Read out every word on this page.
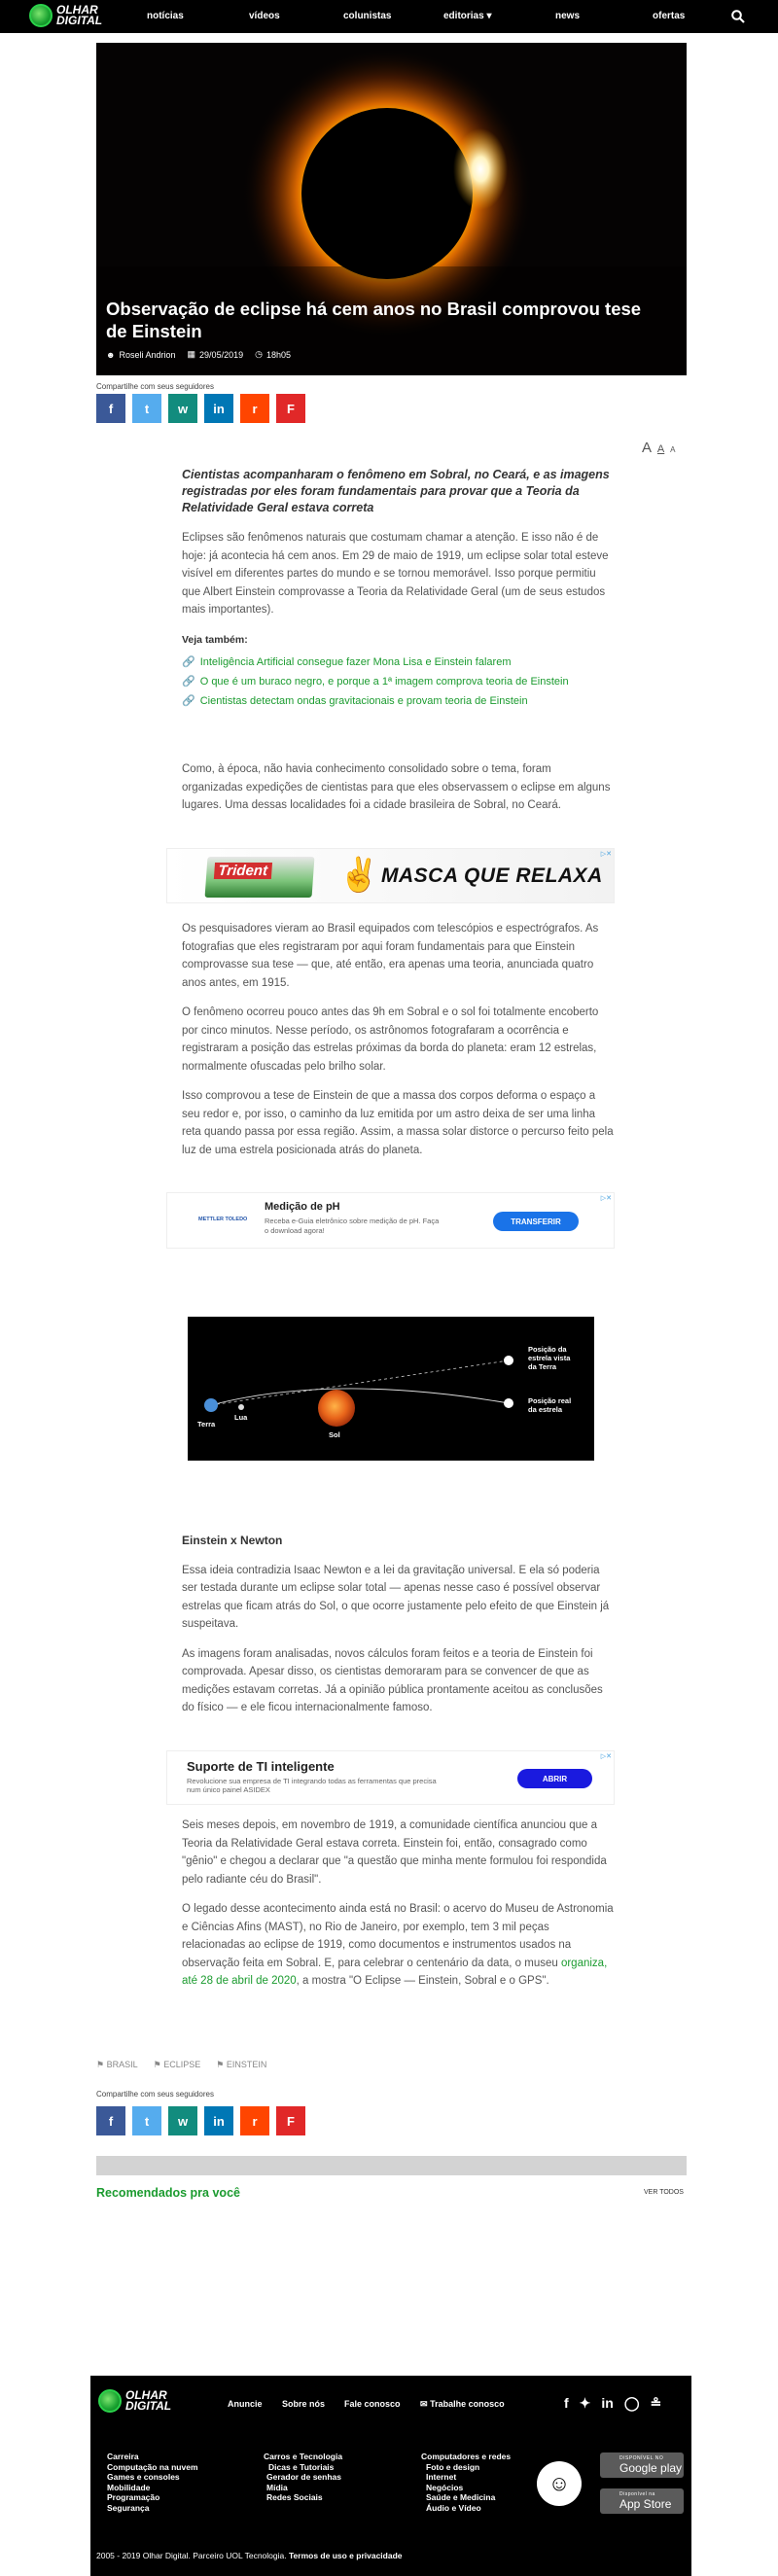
OLHAR
DIGITAL	notícias	vídeos	colunistas	editorias ▾	news	ofertas
Observação de eclipse há cem anos no Brasil comprovou tese de Einstein
☻ Roseli Andrion ▦ 29/05/2019 ◷ 18h05
Compartilhe com seus seguidores
f	t	w	in	r	F
A A A

Cientistas acompanharam o fenômeno em Sobral, no Ceará, e as imagens registradas por eles foram fundamentais para provar que a Teoria da Relatividade Geral estava correta

Eclipses são fenômenos naturais que costumam chamar a atenção. E isso não é de hoje: já acontecia há cem anos. Em 29 de maio de 1919, um eclipse solar total esteve visível em diferentes partes do mundo e se tornou memorável. Isso porque permitiu que Albert Einstein comprovasse a Teoria da Relatividade Geral (um de seus estudos mais importantes).

Veja também:

🔗 Inteligência Artificial consegue fazer Mona Lisa e Einstein falarem
🔗 O que é um buraco negro, e porque a 1ª imagem comprova teoria de Einstein
🔗 Cientistas detectam ondas gravitacionais e provam teoria de Einstein

Como, à época, não havia conhecimento consolidado sobre o tema, foram organizadas expedições de cientistas para que eles observassem o eclipse em alguns lugares. Uma dessas localidades foi a cidade brasileira de Sobral, no Ceará.

Trident ✌ MASCA QUE RELAXA
▷✕

Os pesquisadores vieram ao Brasil equipados com telescópios e espectrógrafos. As fotografias que eles registraram por aqui foram fundamentais para que Einstein comprovasse sua tese — que, até então, era apenas uma teoria, anunciada quatro anos antes, em 1915.

O fenômeno ocorreu pouco antes das 9h em Sobral e o sol foi totalmente encoberto por cinco minutos. Nesse período, os astrônomos fotografaram a ocorrência e registraram a posição das estrelas próximas da borda do planeta: eram 12 estrelas, normalmente ofuscadas pelo brilho solar.

Isso comprovou a tese de Einstein de que a massa dos corpos deforma o espaço a seu redor e, por isso, o caminho da luz emitida por um astro deixa de ser uma linha reta quando passa por essa região. Assim, a massa solar distorce o percurso feito pela luz de uma estrela posicionada atrás do planeta.

METTLER TOLEDO
Medição de pH
Receba e-Guia eletrônico sobre medição de pH. Faça o download agora!
TRANSFERIR
▷✕
Terra
Lua
Sol
Posição da
estrela vista
da Terra
Posição real
da estrela

Einstein x Newton

Essa ideia contradizia Isaac Newton e a lei da gravitação universal. E ela só poderia ser testada durante um eclipse solar total — apenas nesse caso é possível observar estrelas que ficam atrás do Sol, o que ocorre justamente pelo efeito de que Einstein já suspeitava.

As imagens foram analisadas, novos cálculos foram feitos e a teoria de Einstein foi comprovada. Apesar disso, os cientistas demoraram para se convencer de que as medições estavam corretas. Já a opinião pública prontamente aceitou as conclusões do físico — e ele ficou internacionalmente famoso.

Suporte de TI inteligente
Revolucione sua empresa de TI integrando todas as ferramentas que precisa num único painel ASIDEX
ABRIR
▷✕

Seis meses depois, em novembro de 1919, a comunidade científica anunciou que a Teoria da Relatividade Geral estava correta. Einstein foi, então, consagrado como "gênio" e chegou a declarar que "a questão que minha mente formulou foi respondida pelo radiante céu do Brasil".

O legado desse acontecimento ainda está no Brasil: o acervo do Museu de Astronomia e Ciências Afins (MAST), no Rio de Janeiro, por exemplo, tem 3 mil peças relacionadas ao eclipse de 1919, como documentos e instrumentos usados na observação feita em Sobral. E, para celebrar o centenário da data, o museu organiza, até 28 de abril de 2020, a mostra "O Eclipse — Einstein, Sobral e o GPS".

⚑ BRASIL ⚑ ECLIPSE ⚑ EINSTEIN
Compartilhe com seus seguidores
f	t	w	in	r	F
Recomendados pra você	VER TODOS
OLHAR
DIGITAL	Anuncie Sobre nós Fale conosco ✉ Trabalhe conosco	f ✦ in ◯ ≗
Carreira
Computação na nuvem
Games e consoles
Mobilidade
Programação
Segurança
Carros e Tecnologia
Dicas e Tutoriais
Gerador de senhas
Mídia
Redes Sociais
Computadores e redes
Foto e design
Internet
Negócios
Saúde e Medicina
Áudio e Vídeo
☺
DISPONÍVEL NO
Google play
Disponível na
App Store
2005 - 2019 Olhar Digital. Parceiro UOL Tecnologia. Termos de uso e privacidade
